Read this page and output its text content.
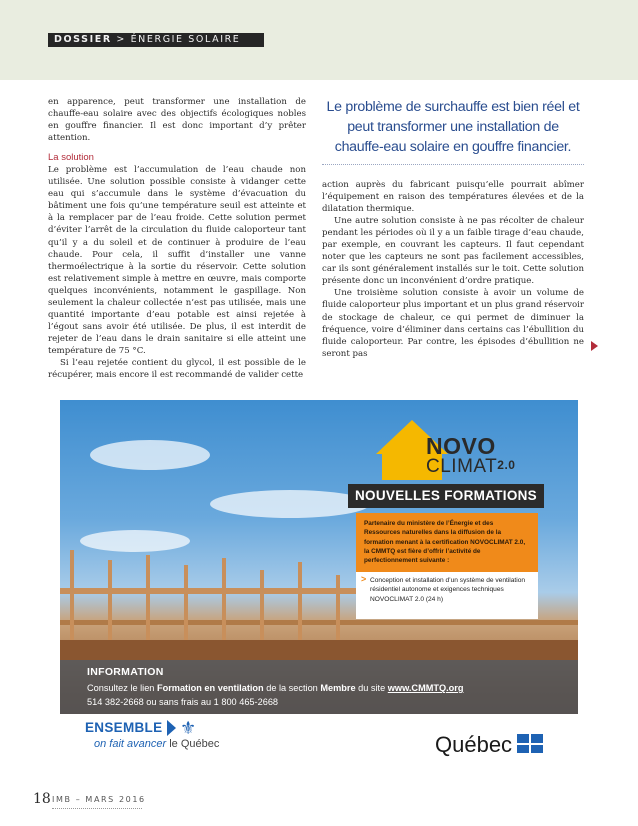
DOSSIER > ÉNERGIE SOLAIRE

en apparence, peut transformer une installation de chauffe-eau solaire avec des objectifs écologiques nobles en gouffre financier. Il est donc important d’y prêter attention.

La solution

Le problème est l’accumulation de l’eau chaude non utilisée. Une solution possible consiste à vidanger cette eau qui s’accumule dans le système d’évacuation du bâtiment une fois qu’une température seuil est atteinte et à la remplacer par de l’eau froide. Cette solution permet d’éviter l’arrêt de la circulation du fluide caloporteur tant qu’il y a du soleil et de continuer à produire de l’eau chaude. Pour cela, il suffit d’installer une vanne thermoélectrique à la sortie du réservoir. Cette solution est relativement simple à mettre en œuvre, mais comporte quelques inconvénients, notamment le gaspillage. Non seulement la chaleur collectée n’est pas utilisée, mais une quantité importante d’eau potable est ainsi rejetée à l’égout sans avoir été utilisée. De plus, il est interdit de rejeter de l’eau dans le drain sanitaire si elle atteint une température de 75 °C.

Si l’eau rejetée contient du glycol, il est possible de le récupérer, mais encore il est recommandé de valider cette

Le problème de surchauffe est bien réel et peut transformer une installation de chauffe-eau solaire en gouffre financier.

action auprès du fabricant puisqu’elle pourrait abîmer l’équipement en raison des températures élevées et de la dilatation thermique.

Une autre solution consiste à ne pas récolter de chaleur pendant les périodes où il y a un faible tirage d’eau chaude, par exemple, en couvrant les capteurs. Il faut cependant noter que les capteurs ne sont pas facilement accessibles, car ils sont généralement installés sur le toit. Cette solution présente donc un inconvénient d’ordre pratique.

Une troisième solution consiste à avoir un volume de fluide caloporteur plus important et un plus grand réservoir de stockage de chaleur, ce qui permet de diminuer la fréquence, voire d’éliminer dans certains cas l’ébullition du fluide caloporteur. Par contre, les épisodes d’ébullition ne seront pas

NOVO
$CLIMAT_{2.0}$
NOUVELLES FORMATIONS
Partenaire du ministère de l’Énergie et des Ressources naturelles dans la diffusion de la formation menant à la certification NOVOCLIMAT 2.0, la CMMTQ est fière d’offrir l’activité de perfectionnement suivante :
> Conception et installation d’un système de ventilation résidentiel autonome et exigences techniques NOVOCLIMAT 2.0 (24 h)
INFORMATION
Consultez le lien Formation en ventilation de la section Membre du site www.CMMTQ.org
514 382-2668 ou sans frais au 1 800 465-2668
ENSEMBLE ⚜
on fait avancer le Québec	Québec
18 IMB – MARS 2016
